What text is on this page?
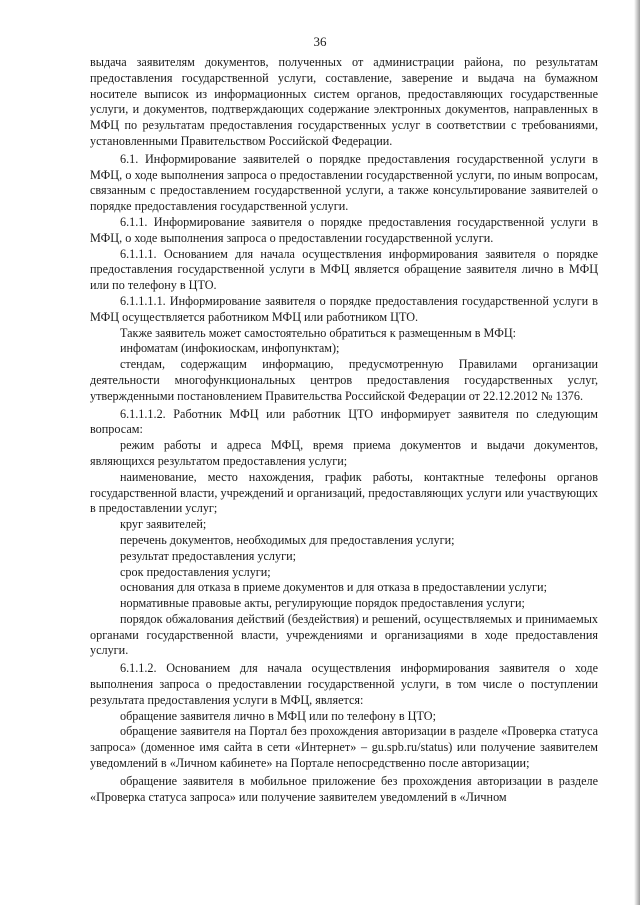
36

выдача заявителям документов, полученных от администрации района, по результатам предоставления государственной услуги, составление, заверение и выдача на бумажном носителе выписок из информационных систем органов, предоставляющих государственные услуги, и документов, подтверждающих содержание электронных документов, направленных в МФЦ по результатам предоставления государственных услуг в соответствии с требованиями, установленными Правительством Российской Федерации.

6.1. Информирование заявителей о порядке предоставления государственной услуги в МФЦ, о ходе выполнения запроса о предоставлении государственной услуги, по иным вопросам, связанным с предоставлением государственной услуги, а также консультирование заявителей о порядке предоставления государственной услуги.

6.1.1. Информирование заявителя о порядке предоставления государственной услуги в МФЦ, о ходе выполнения запроса о предоставлении государственной услуги.

6.1.1.1. Основанием для начала осуществления информирования заявителя о порядке предоставления государственной услуги в МФЦ является обращение заявителя лично в МФЦ или по телефону в ЦТО.

6.1.1.1.1. Информирование заявителя о порядке предоставления государственной услуги в МФЦ осуществляется работником МФЦ или работником ЦТО.

Также заявитель может самостоятельно обратиться к размещенным в МФЦ:

инфоматам (инфокиоскам, инфопунктам);

стендам, содержащим информацию, предусмотренную Правилами организации деятельности многофункциональных центров предоставления государственных услуг, утвержденными постановлением Правительства Российской Федерации от 22.12.2012 № 1376.

6.1.1.1.2. Работник МФЦ или работник ЦТО информирует заявителя по следующим вопросам:

режим работы и адреса МФЦ, время приема документов и выдачи документов, являющихся результатом предоставления услуги;

наименование, место нахождения, график работы, контактные телефоны органов государственной власти, учреждений и организаций, предоставляющих услуги или участвующих в предоставлении услуг;

круг заявителей;

перечень документов, необходимых для предоставления услуги;

результат предоставления услуги;

срок предоставления услуги;

основания для отказа в приеме документов и для отказа в предоставлении услуги;

нормативные правовые акты, регулирующие порядок предоставления услуги;

порядок обжалования действий (бездействия) и решений, осуществляемых и принимаемых органами государственной власти, учреждениями и организациями в ходе предоставления услуги.

6.1.1.2. Основанием для начала осуществления информирования заявителя о ходе выполнения запроса о предоставлении государственной услуги, в том числе о поступлении результата предоставления услуги в МФЦ, является:

обращение заявителя лично в МФЦ или по телефону в ЦТО;

обращение заявителя на Портал без прохождения авторизации в разделе «Проверка статуса запроса» (доменное имя сайта в сети «Интернет» – gu.spb.ru/status) или получение заявителем уведомлений в «Личном кабинете» на Портале непосредственно после авторизации;

обращение заявителя в мобильное приложение без прохождения авторизации в разделе «Проверка статуса запроса» или получение заявителем уведомлений в «Личном
